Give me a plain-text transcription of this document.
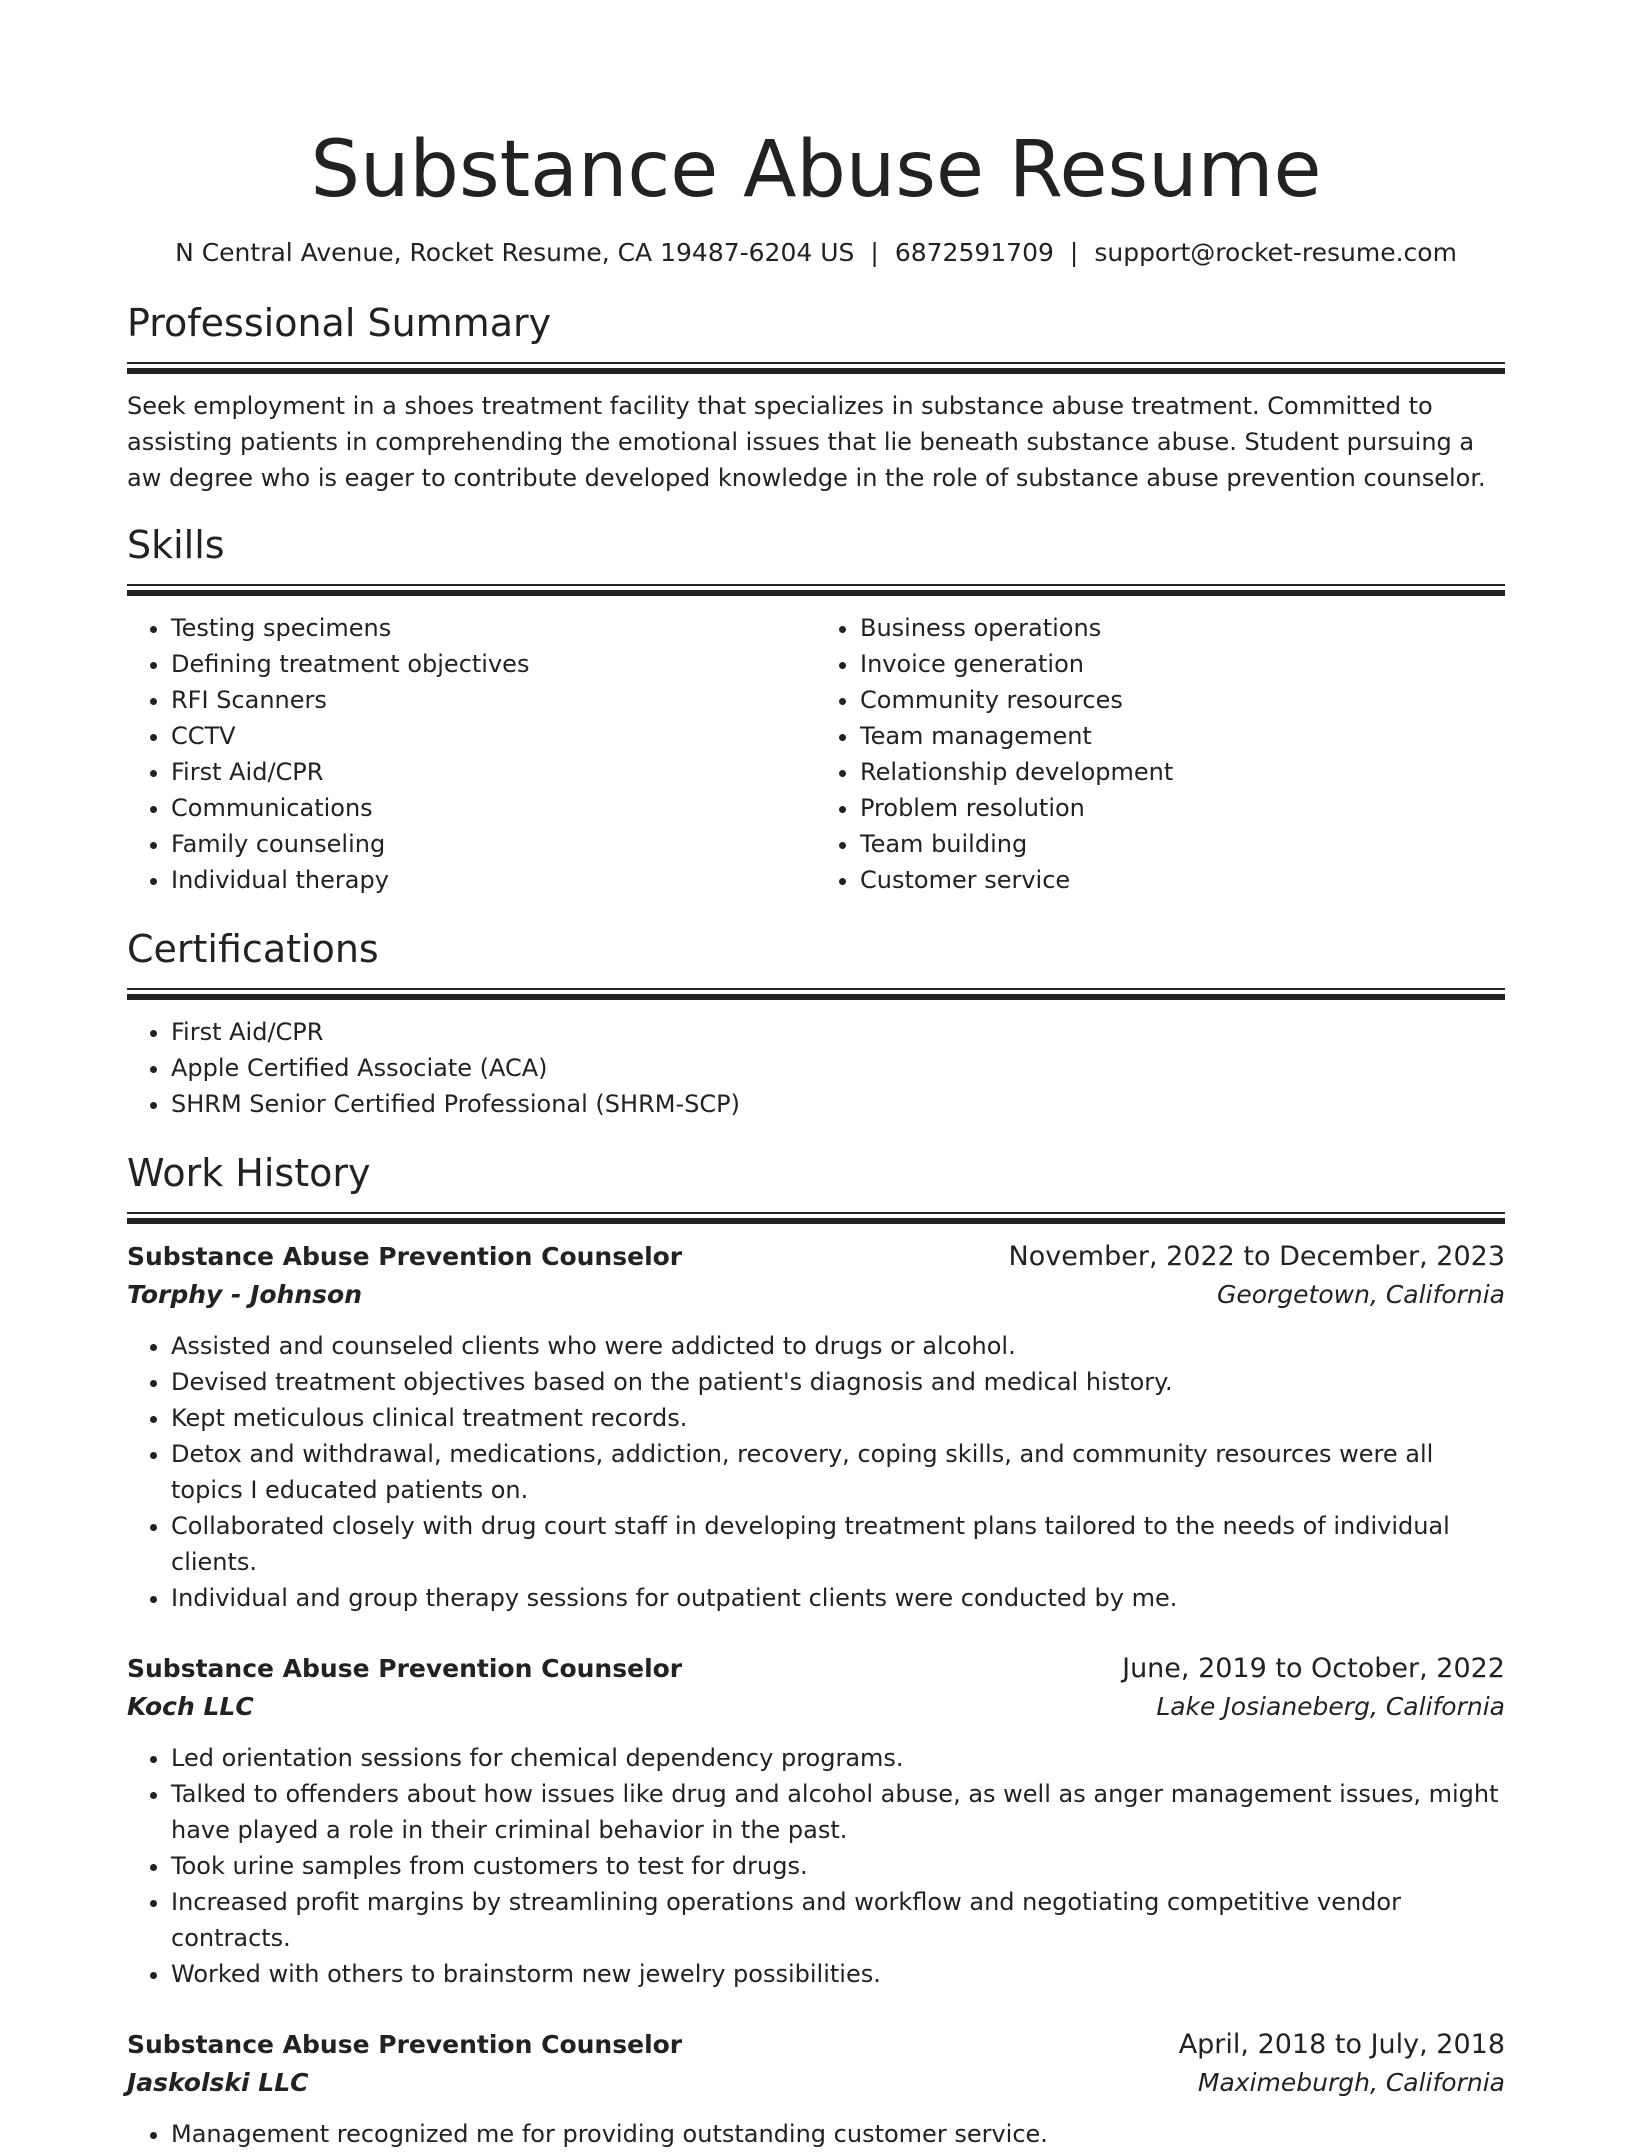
Substance Abuse Resume
N Central Avenue, Rocket Resume, CA 19487-6204 US | 6872591709 | support@rocket-resume.com
Professional Summary
Seek employment in a shoes treatment facility that specializes in substance abuse treatment. Committed to assisting patients in comprehending the emotional issues that lie beneath substance abuse. Student pursuing a aw degree who is eager to contribute developed knowledge in the role of substance abuse prevention counselor.
Skills
• Testing specimens
• Defining treatment objectives
• RFI Scanners
• CCTV
• First Aid/CPR
• Communications
• Family counseling
• Individual therapy
• Business operations
• Invoice generation
• Community resources
• Team management
• Relationship development
• Problem resolution
• Team building
• Customer service
Certifications
• First Aid/CPR
• Apple Certified Associate (ACA)
• SHRM Senior Certified Professional (SHRM-SCP)
Work History
Substance Abuse Prevention Counselor	November, 2022 to December, 2023
Torphy - Johnson	Georgetown, California
• Assisted and counseled clients who were addicted to drugs or alcohol.
• Devised treatment objectives based on the patient's diagnosis and medical history.
• Kept meticulous clinical treatment records.
• Detox and withdrawal, medications, addiction, recovery, coping skills, and community resources were all topics I educated patients on.
• Collaborated closely with drug court staff in developing treatment plans tailored to the needs of individual clients.
• Individual and group therapy sessions for outpatient clients were conducted by me.
Substance Abuse Prevention Counselor	June, 2019 to October, 2022
Koch LLC	Lake Josianeberg, California
• Led orientation sessions for chemical dependency programs.
• Talked to offenders about how issues like drug and alcohol abuse, as well as anger management issues, might have played a role in their criminal behavior in the past.
• Took urine samples from customers to test for drugs.
• Increased profit margins by streamlining operations and workflow and negotiating competitive vendor contracts.
• Worked with others to brainstorm new jewelry possibilities.
Substance Abuse Prevention Counselor	April, 2018 to July, 2018
Jaskolski LLC	Maximeburgh, California
• Management recognized me for providing outstanding customer service.
